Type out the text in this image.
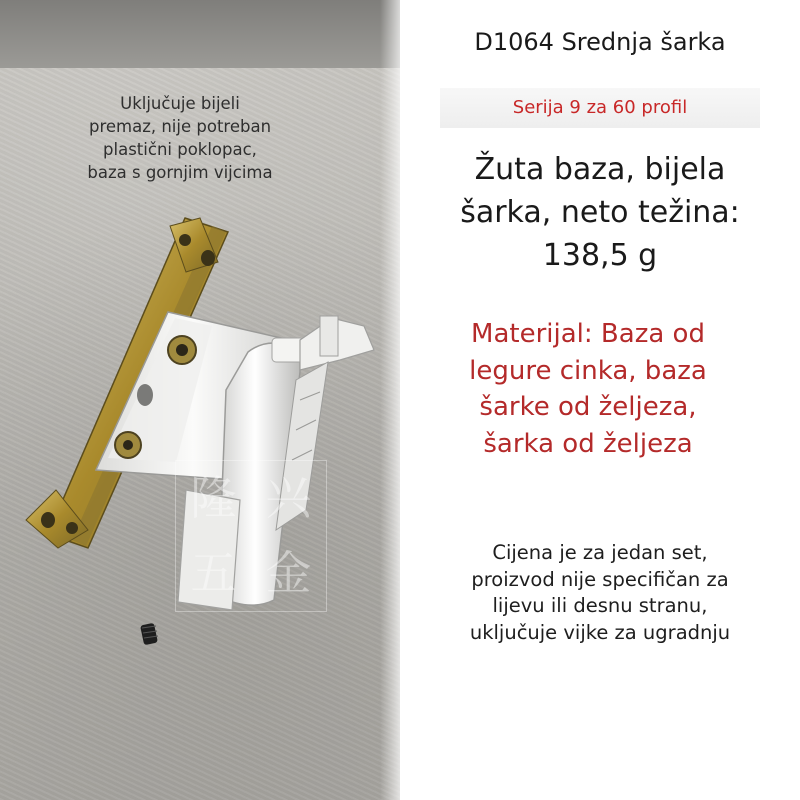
Uključuje bijeli
premaz, nije potreban
plastični poklopac,
baza s gornjim vijcima
隆 兴
五 金
D1064 Srednja šarka
Serija 9 za 60 profil
Žuta baza, bijela
šarka, neto težina:
138,5 g
Materijal: Baza od
legure cinka, baza
šarke od željeza,
šarka od željeza
Cijena je za jedan set,
proizvod nije specifičan za
lijevu ili desnu stranu,
uključuje vijke za ugradnju
